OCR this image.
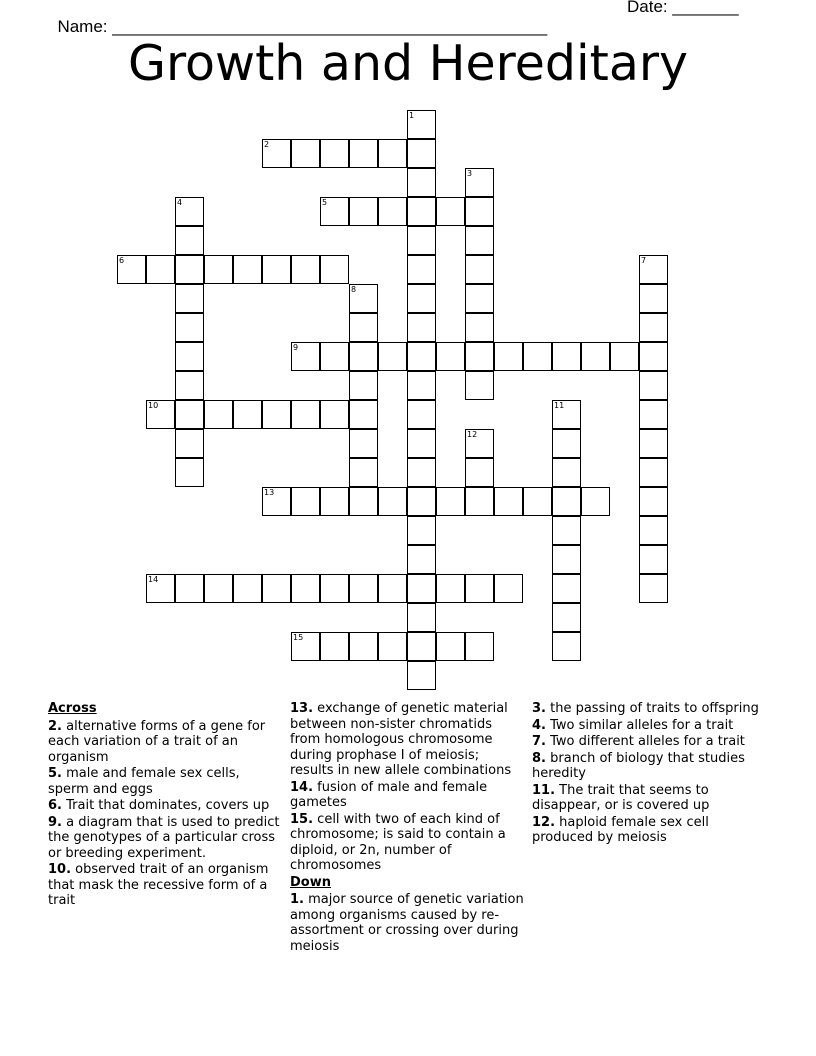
Name: ______________________________________________

Date: _______

Growth and Hereditary
1
2
3
4	5
6	7
8
9
10	11
12
13
14
15
Across
2. alternative forms of a gene for each variation of a trait of an organism
5. male and female sex cells, sperm and eggs
6. Trait that dominates, covers up
9. a diagram that is used to predict the genotypes of a particular cross or breeding experiment.
10. observed trait of an organism that mask the recessive form of a trait
13. exchange of genetic material between non-sister chromatids from homologous chromosome during prophase I of meiosis; results in new allele combinations
14. fusion of male and female gametes
15. cell with two of each kind of chromosome; is said to contain a diploid, or 2n, number of chromosomes
Down
1. major source of genetic variation among organisms caused by re-assortment or crossing over during meiosis
3. the passing of traits to offspring
4. Two similar alleles for a trait
7. Two different alleles for a trait
8. branch of biology that studies heredity
11. The trait that seems to disappear, or is covered up
12. haploid female sex cell produced by meiosis
